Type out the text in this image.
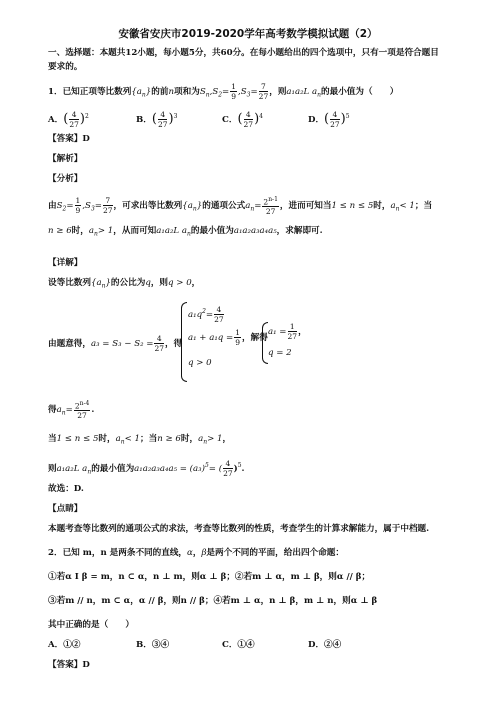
安徽省安庆市2019-2020学年高考数学模拟试题（2）
一、选择题：本题共12小题，每小题5分，共60分。在每小题给出的四个选项中，只有一项是符合题目
要求的。
1．已知正项等比数列$\{a_n\}$的前n项和为$S_n,S_2= \frac{1}{9} ,S_3= \frac{7}{27}$ ，则a₁a₂L $a_n$的最小值为（　　）
A．( $\frac{4}{27} )^2$	B．( $\frac{4}{27} )^3$	C．( $\frac{4}{27} )^4$	D．( $\frac{4}{27} )^5$
【答案】D
【解析】
【分析】
由$S_2= \frac{1}{9} ,S_3= \frac{7}{27}$ ，可求出等比数列$\{a_n\}$的通项公式$a_n= \frac{2^{n-1}}{27}$ ，进而可知当1 ≤ n ≤ 5时，$a_n< 1$；当
n ≥ 6时，$a_n> 1$，从而可知a₁a₂L $a_n$的最小值为a₁a₂a₃a₄a₅，求解即可.
【详解】
设等比数列$\{a_n\}$的公比为q，则q > 0，
由题意得，$a_3 = S_3 - S_2 = \frac{4}{27}$ ，得
$a_1q^2= \frac{4}{27}$
$a_1 + a_1q = \frac{1}{9}$ ，解得
q > 0
$a_1 = \frac{1}{27}$ ，
q = 2
得$a_n= \frac{2^{n-4}}{27}$ .
当1 ≤ n ≤ 5时，$a_n< 1$；当n ≥ 6时，$a_n> 1$，
则a₁a₂L $a_n$的最小值为$a_1a_2a_3a_4a_5 = (a_3)^5=$ ( $\frac{4}{27} )^5$.
故选：D.
【点睛】
本题考查等比数列的通项公式的求法，考查等比数列的性质，考查学生的计算求解能力，属于中档题.
2．已知 m，n 是两条不同的直线，α，β是两个不同的平面，给出四个命题：
①若α I β = m，n ⊂ α，n ⊥ m，则α ⊥ β；②若m ⊥ α，m ⊥ β，则α // β；
③若m // n，m ⊂ α，α // β，则n // β；④若m ⊥ α，n ⊥ β，m ⊥ n，则α ⊥ β
其中正确的是（　　）
A．①②	B．③④	C．①④	D．②④
【答案】D
